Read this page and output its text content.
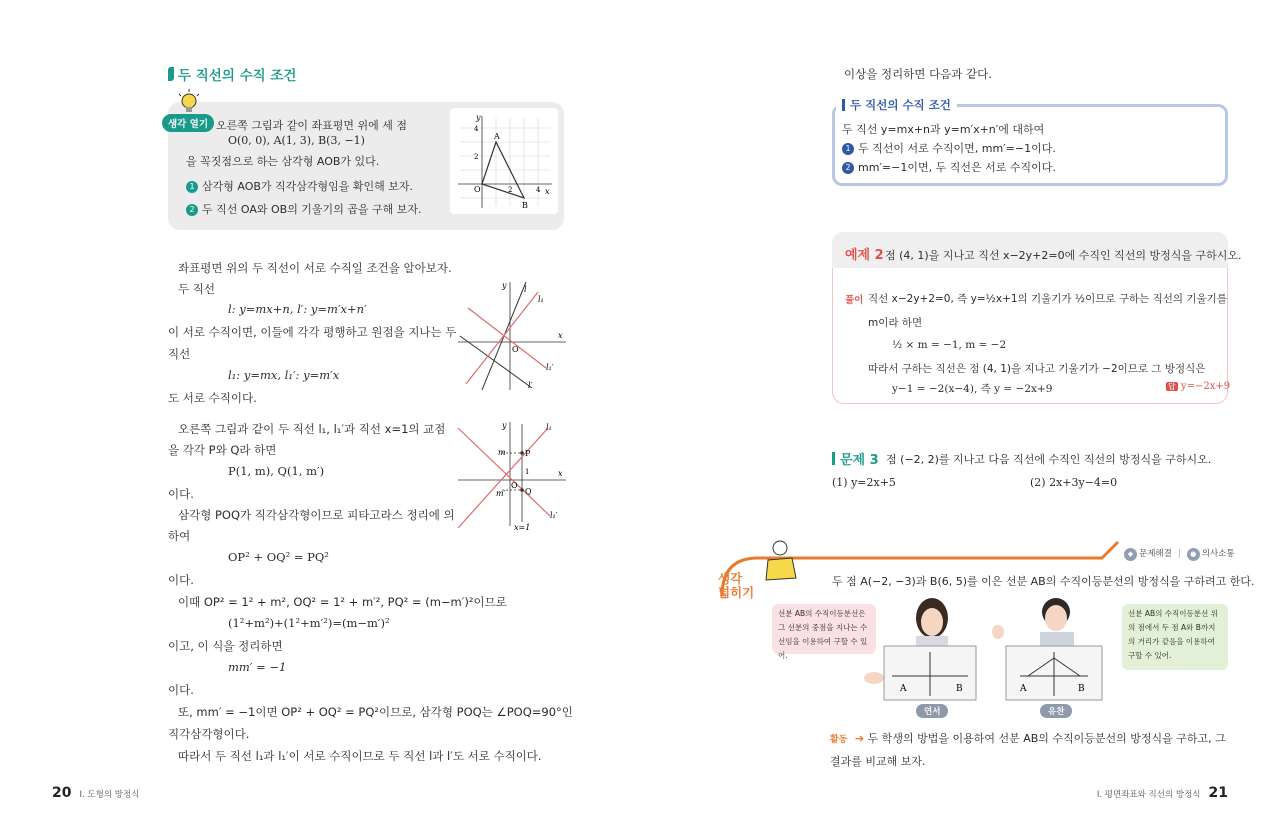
두 직선의 수직 조건
생각 열기 오른쪽 그림과 같이 좌표평면 위에 세 점
O(0, 0), A(1, 3), B(3, −1)
을 꼭짓점으로 하는 삼각형 AOB가 있다.
1 삼각형 AOB가 직각삼각형임을 확인해 보자.
2 두 직선 OA와 OB의 기울기의 곱을 구해 보자.
y
x
O
A
B
4
2
2	4
좌표평면 위의 두 직선이 서로 수직일 조건을 알아보자.
두 직선
l: y=mx+n, l′: y=m′x+n′
이 서로 수직이면, 이들에 각각 평행하고 원점을 지나는 두
직선
l₁: y=mx, l₁′: y=m′x
도 서로 수직이다.
오른쪽 그림과 같이 두 직선 l₁, l₁′과 직선 x=1의 교점
을 각각 P와 Q라 하면
P(1, m), Q(1, m′)
이다.
삼각형 POQ가 직각삼각형이므로 피타고라스 정리에 의
하여
OP² + OQ² = PQ²
이다.
이때 OP² = 1² + m², OQ² = 1² + m′², PQ² = (m−m′)²이므로
(1²+m²)+(1²+m′²)=(m−m′)²
이고, 이 식을 정리하면
mm′ = −1
이다.
또, mm′ = −1이면 OP² + OQ² = PQ²이므로, 삼각형 POQ는 ∠POQ=90°인
직각삼각형이다.
따라서 두 직선 l₁과 l₁′이 서로 수직이므로 두 직선 l과 l′도 서로 수직이다.
y l
l₁
x
O
l₁′
l′
y	l₁
m P
1	x
O
m′ Q
l₁′
x=1
20 I. 도형의 방정식
이상을 정리하면 다음과 같다.
두 직선의 수직 조건
두 직선 y=mx+n과 y=m′x+n′에 대하여
1 두 직선이 서로 수직이면, mm′=−1이다.
2 mm′=−1이면, 두 직선은 서로 수직이다.
예제 2 점 (4, 1)을 지나고 직선 x−2y+2=0에 수직인 직선의 방정식을 구하시오.
풀이 직선 x−2y+2=0, 즉 y=½x+1의 기울기가 ½이므로 구하는 직선의 기울기를
m이라 하면
½ × m = −1, m = −2
따라서 구하는 직선은 점 (4, 1)을 지나고 기울기가 −2이므로 그 방정식은
y−1 = −2(x−4), 즉 y = −2x+9	답 y=−2x+9
문제 3 점 (−2, 2)를 지나고 다음 직선에 수직인 직선의 방정식을 구하시오.
(1) y=2x+5	(2) 2x+3y−4=0
생각
넓히기
◆ 문제해결 |	● 의사소통
두 점 A(−2, −3)과 B(6, 5)를 이은 선분 AB의 수직이등분선의 방정식을 구하려고 한다.
선분 AB의 수직이등분선은 그 선분의 중점을 지나는 수선임을 이용하여 구할 수 있어.
선분 AB의 수직이등분선 위의 점에서 두 점 A와 B까지의 거리가 같음을 이용하여 구할 수 있어.
A	B	A	B
연서	유찬
활동 ➔ 두 학생의 방법을 이용하여 선분 AB의 수직이등분선의 방정식을 구하고, 그 결과를 비교해 보자.
I. 평면좌표와 직선의 방정식 21
